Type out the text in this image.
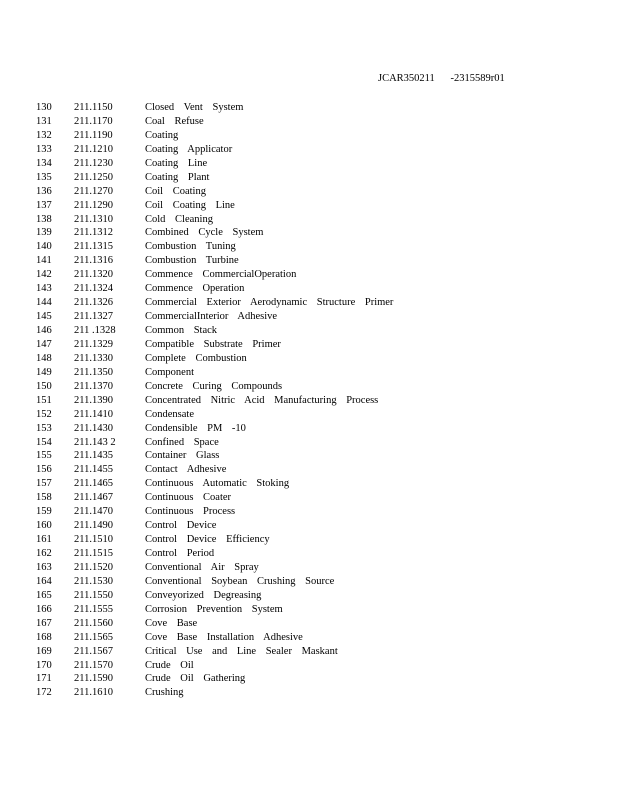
JCAR350211 -2315589r01
130 211.1150	Closed Vent System
131 211.1170	Coal Refuse
132 211.1190	Coating
133 211.1210	Coating Applicator
134 211.1230	Coating Line
135 211.1250	Coating Plant
136 211.1270	Coil Coating
137 211.1290	Coil Coating Line
138 211.1310	Cold Cleaning
139 211.1312	Combined Cycle System
140 211.1315	Combustion Tuning
141 211.1316	Combustion Turbine
142 211.1320	Commence CommercialOperation
143 211.1324	Commence Operation
144 211.1326	Commercial Exterior Aerodynamic Structure Primer
145 211.1327	CommercialInterior Adhesive
146 211 .1328	Common Stack
147 211.1329	Compatible Substrate Primer
148 211.1330	Complete Combustion
149 211.1350	Component
150 211.1370	Concrete Curing Compounds
151 211.1390	Concentrated Nitric Acid Manufacturing Process
152 211.1410	Condensate
153 211.1430	Condensible PM -10
154 211.143 2	Confined Space
155 211.1435	Container Glass
156 211.1455	Contact Adhesive
157 211.1465	Continuous Automatic Stoking
158 211.1467	Continuous Coater
159 211.1470	Continuous Process
160 211.1490	Control Device
161 211.1510	Control Device Efficiency
162 211.1515	Control Period
163 211.1520	Conventional Air Spray
164 211.1530	Conventional Soybean Crushing Source
165 211.1550	Conveyorized Degreasing
166 211.1555	Corrosion Prevention System
167 211.1560	Cove Base
168 211.1565	Cove Base Installation Adhesive
169 211.1567	Critical Use and Line Sealer Maskant
170 211.1570	Crude Oil
171 211.1590	Crude Oil Gathering
172 211.1610	Crushing
